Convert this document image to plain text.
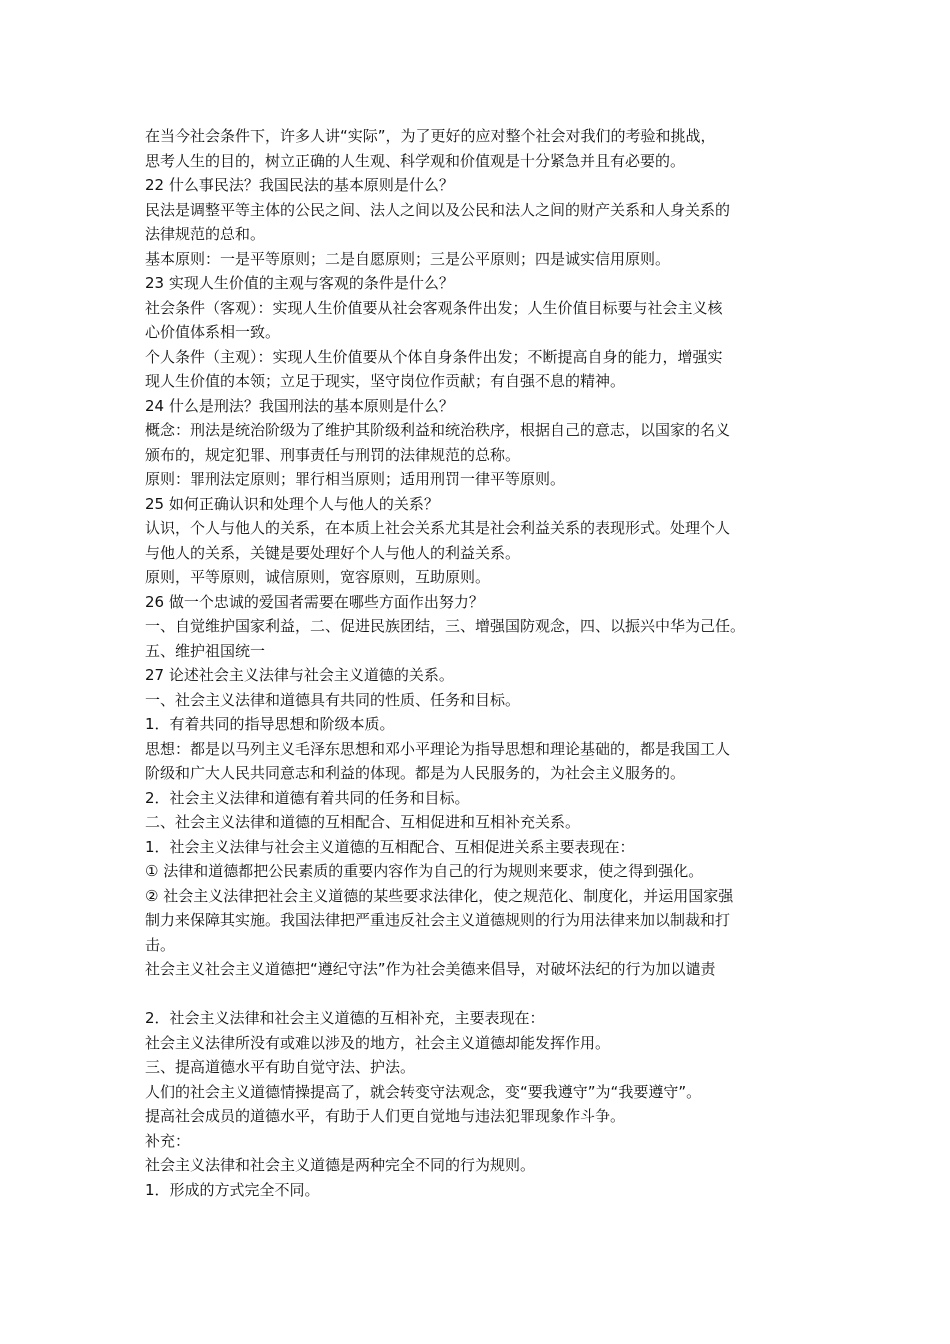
在当今社会条件下，许多人讲“实际”，为了更好的应对整个社会对我们的考验和挑战，
思考人生的目的，树立正确的人生观、科学观和价值观是十分紧急并且有必要的。
22 什么事民法？我国民法的基本原则是什么？
民法是调整平等主体的公民之间、法人之间以及公民和法人之间的财产关系和人身关系的
法律规范的总和。
基本原则：一是平等原则；二是自愿原则；三是公平原则；四是诚实信用原则。
23 实现人生价值的主观与客观的条件是什么？
社会条件（客观）：实现人生价值要从社会客观条件出发；人生价值目标要与社会主义核
心价值体系相一致。
个人条件（主观）：实现人生价值要从个体自身条件出发；不断提高自身的能力，增强实
现人生价值的本领；立足于现实，坚守岗位作贡献；有自强不息的精神。
24 什么是刑法？我国刑法的基本原则是什么？
概念：刑法是统治阶级为了维护其阶级利益和统治秩序，根据自己的意志，以国家的名义
颁布的，规定犯罪、刑事责任与刑罚的法律规范的总称。
原则：罪刑法定原则；罪行相当原则；适用刑罚一律平等原则。
25 如何正确认识和处理个人与他人的关系？
认识，个人与他人的关系，在本质上社会关系尤其是社会利益关系的表现形式。处理个人
与他人的关系，关键是要处理好个人与他人的利益关系。
原则，平等原则，诚信原则，宽容原则，互助原则。
26 做一个忠诚的爱国者需要在哪些方面作出努力？
一、自觉维护国家利益，二、促进民族团结，三、增强国防观念，四、以振兴中华为己任。
五、维护祖国统一
27 论述社会主义法律与社会主义道德的关系。
一、社会主义法律和道德具有共同的性质、任务和目标。
1．有着共同的指导思想和阶级本质。
思想：都是以马列主义毛泽东思想和邓小平理论为指导思想和理论基础的，都是我国工人
阶级和广大人民共同意志和利益的体现。都是为人民服务的，为社会主义服务的。
2．社会主义法律和道德有着共同的任务和目标。
二、社会主义法律和道德的互相配合、互相促进和互相补充关系。
1．社会主义法律与社会主义道德的互相配合、互相促进关系主要表现在：
① 法律和道德都把公民素质的重要内容作为自己的行为规则来要求，使之得到强化。
② 社会主义法律把社会主义道德的某些要求法律化，使之规范化、制度化，并运用国家强
制力来保障其实施。我国法律把严重违反社会主义道德规则的行为用法律来加以制裁和打
击。
社会主义社会主义道德把“遵纪守法”作为社会美德来倡导，对破坏法纪的行为加以谴责
2．社会主义法律和社会主义道德的互相补充，主要表现在：
社会主义法律所没有或难以涉及的地方，社会主义道德却能发挥作用。
三、提高道德水平有助自觉守法、护法。
人们的社会主义道德情操提高了，就会转变守法观念，变“要我遵守”为“我要遵守”。
提高社会成员的道德水平，有助于人们更自觉地与违法犯罪现象作斗争。
补充：
社会主义法律和社会主义道德是两种完全不同的行为规则。
1．形成的方式完全不同。
